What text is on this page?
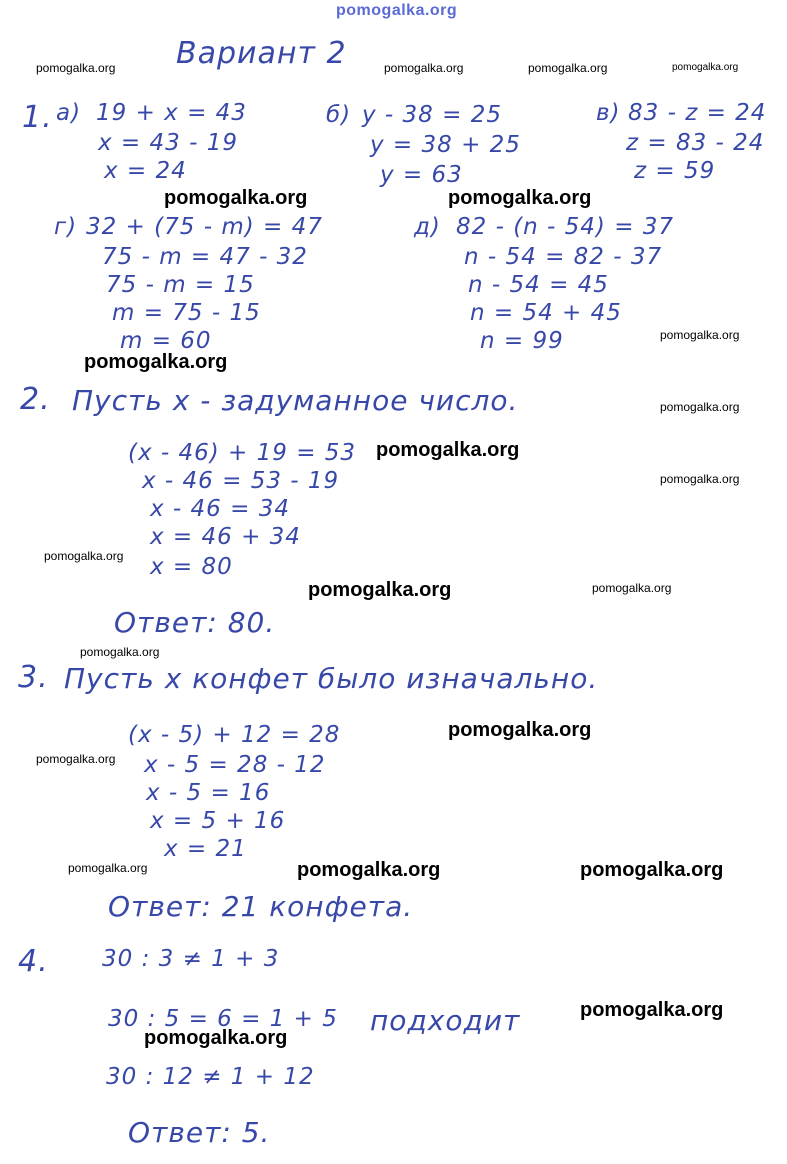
pomogalka.org
pomogalka.org	pomogalka.org	pomogalka.org	pomogalka.org
pomogalka.org	pomogalka.org
pomogalka.org
pomogalka.org
pomogalka.org
pomogalka.org
pomogalka.org
pomogalka.org
pomogalka.org
pomogalka.org
pomogalka.org
pomogalka.org
pomogalka.org
pomogalka.org	pomogalka.org	pomogalka.org
pomogalka.org
pomogalka.org
Вариант 2
1. а) 19 + x = 43
x = 43 - 19
x = 24
б) y - 38 = 25
y = 38 + 25
y = 63
в) 83 - z = 24
z = 83 - 24
z = 59
г) 32 + (75 - m) = 47
75 - m = 47 - 32
75 - m = 15
m = 75 - 15
m = 60
д) 82 - (n - 54) = 37
n - 54 = 82 - 37
n - 54 = 45
n = 54 + 45
n = 99
2. Пусть x - задуманное число.
(x - 46) + 19 = 53
x - 46 = 53 - 19
x - 46 = 34
x = 46 + 34
x = 80
Ответ: 80.
3. Пусть x конфет было изначально.
(x - 5) + 12 = 28
x - 5 = 28 - 12
x - 5 = 16
x = 5 + 16
x = 21
Ответ: 21 конфета.
4. 30 : 3 ≠ 1 + 3
30 : 5 = 6 = 1 + 5 подходит
30 : 12 ≠ 1 + 12
Ответ: 5.
